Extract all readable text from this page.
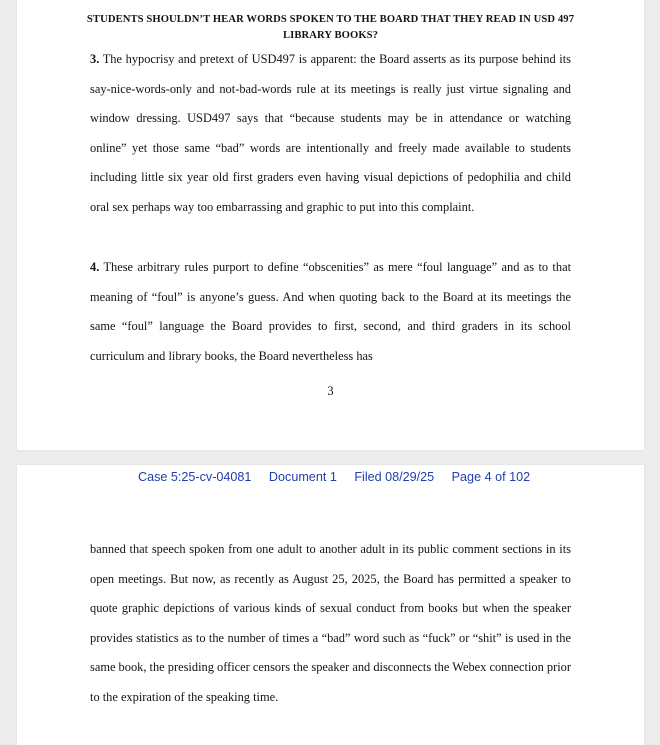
STUDENTS SHOULDN’T HEAR WORDS SPOKEN TO THE BOARD THAT THEY READ IN USD 497 LIBRARY BOOKS?

3. The hypocrisy and pretext of USD497 is apparent: the Board asserts as its purpose behind its say-nice-words-only and not-bad-words rule at its meetings is really just virtue signaling and window dressing. USD497 says that “because students may be in attendance or watching online” yet those same “bad” words are intentionally and freely made available to students including little six year old first graders even having visual depictions of pedophilia and child oral sex perhaps way too embarrassing and graphic to put into this complaint.

4. These arbitrary rules purport to define “obscenities” as mere “foul language” and as to that meaning of “foul” is anyone’s guess. And when quoting back to the Board at its meetings the same “foul” language the Board provides to first, second, and third graders in its school curriculum and library books, the Board nevertheless has

3
Case 5:25-cv-04081 Document 1 Filed 08/29/25 Page 4 of 102

banned that speech spoken from one adult to another adult in its public comment sections in its open meetings. But now, as recently as August 25, 2025, the Board has permitted a speaker to quote graphic depictions of various kinds of sexual conduct from books but when the speaker provides statistics as to the number of times a “bad” word such as “fuck” or “shit” is used in the same book, the presiding officer censors the speaker and disconnects the Webex connection prior to the expiration of the speaking time.
